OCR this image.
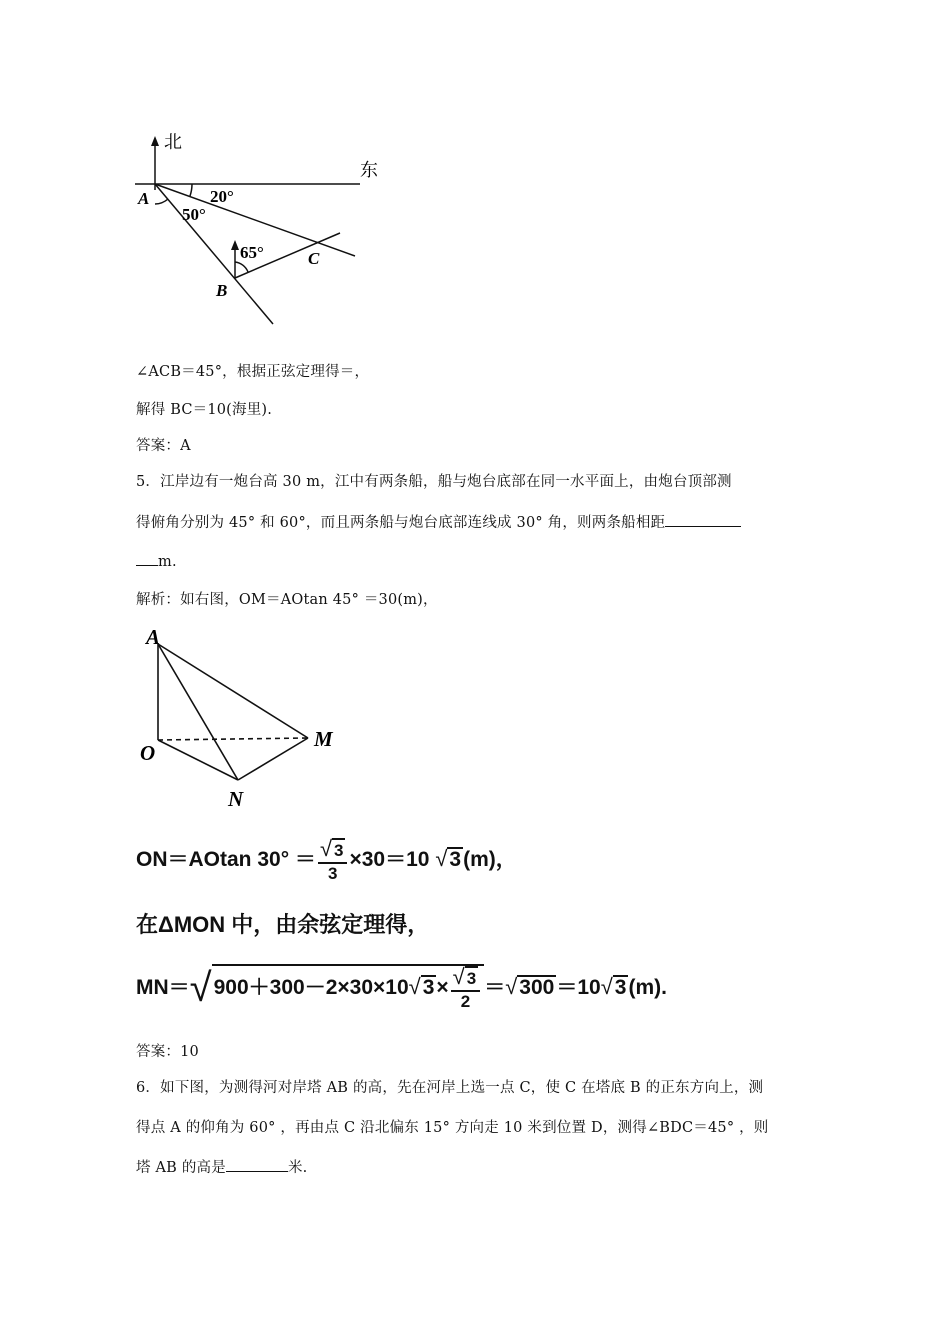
北
东
A
B
C
20°
50°
65°
∠ACB＝45°，根据正弦定理得＝，
解得 BC＝10(海里).
答案：A
5．江岸边有一炮台高 30 m，江中有两条船，船与炮台底部在同一水平面上，由炮台顶部测
得俯角分别为 45° 和 60°，而且两条船与炮台底部连线成 30° 角，则两条船相距
m.
解析：如右图，OM＝AOtan 45° ＝30(m)，
A
O
M
N
ON＝AOtan $30^\circ = \frac{√ 3}{3} \times 30=10$ √3(m)，
在ΔMON 中，由余弦定理得，
$MN=√900+300-2\times 30\times 10√3\times \frac{√ 3}{2} =√300=10√3(m)$.
答案：10
6．如下图，为测得河对岸塔 AB 的高，先在河岸上选一点 C，使 C 在塔底 B 的正东方向上，测
得点 A 的仰角为 60° ，再由点 C 沿北偏东 15° 方向走 10 米到位置 D，测得∠BDC＝45° ，则
塔 AB 的高是	米.
